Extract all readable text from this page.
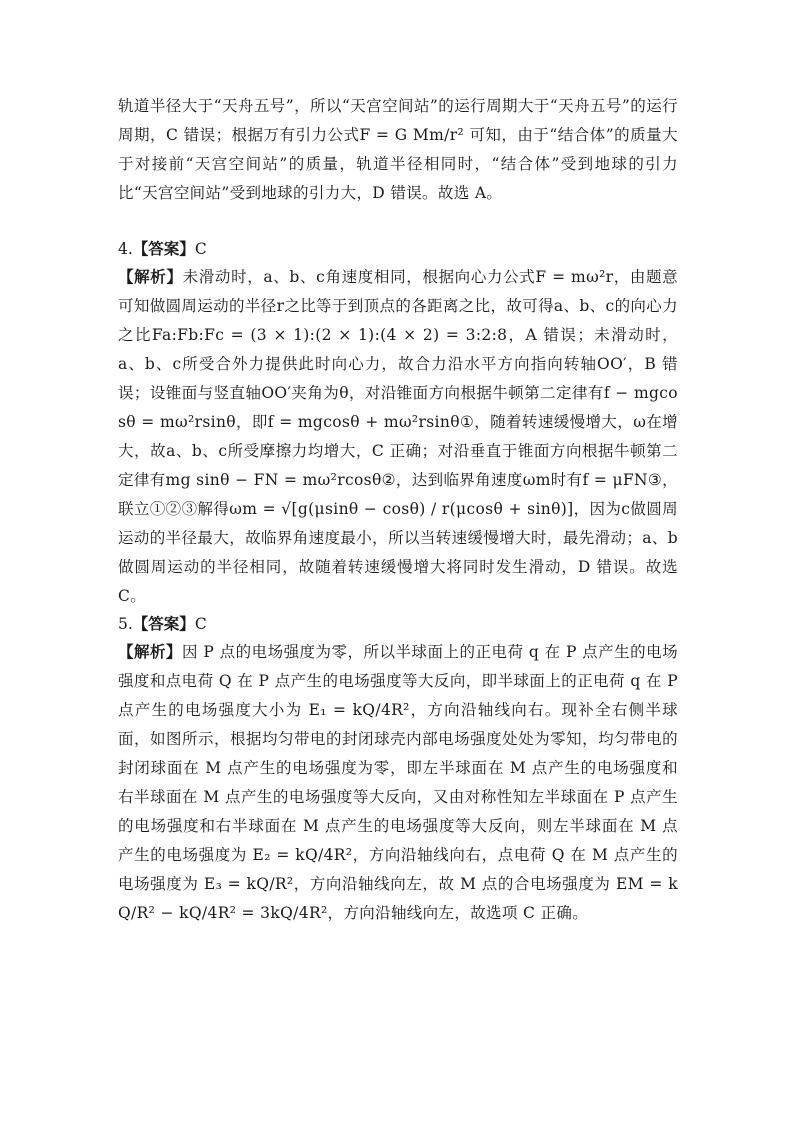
轨道半径大于“天舟五号”，所以“天宫空间站”的运行周期大于“天舟五号”的运行周期，C 错误；根据万有引力公式F = G Mm/r² 可知，由于“结合体”的质量大于对接前“天宫空间站”的质量，轨道半径相同时，“结合体”受到地球的引力比“天宫空间站”受到地球的引力大，D 错误。故选 A。

4.【答案】C

【解析】未滑动时，a、b、c角速度相同，根据向心力公式F = mω²r，由题意可知做圆周运动的半径r之比等于到顶点的各距离之比，故可得a、b、c的向心力之比Fa:Fb:Fc = (3 × 1):(2 × 1):(4 × 2) = 3:2:8，A 错误；未滑动时，a、b、c所受合外力提供此时向心力，故合力沿水平方向指向转轴OO′，B 错误；设锥面与竖直轴OO′夹角为θ，对沿锥面方向根据牛顿第二定律有f − mgcosθ = mω²rsinθ，即f = mgcosθ + mω²rsinθ①，随着转速缓慢增大，ω在增大，故a、b、c所受摩擦力均增大，C 正确；对沿垂直于锥面方向根据牛顿第二定律有mg sinθ − FN = mω²rcosθ②，达到临界角速度ωm时有f = μFN③，联立①②③解得ωm = √[g(μsinθ − cosθ) / r(μcosθ + sinθ)]，因为c做圆周运动的半径最大，故临界角速度最小，所以当转速缓慢增大时，最先滑动；a、b做圆周运动的半径相同，故随着转速缓慢增大将同时发生滑动，D 错误。故选 C。

5.【答案】C

【解析】因 P 点的电场强度为零，所以半球面上的正电荷 q 在 P 点产生的电场强度和点电荷 Q 在 P 点产生的电场强度等大反向，即半球面上的正电荷 q 在 P 点产生的电场强度大小为 E₁ = kQ/4R²，方向沿轴线向右。现补全右侧半球面，如图所示，根据均匀带电的封闭球壳内部电场强度处处为零知，均匀带电的封闭球面在 M 点产生的电场强度为零，即左半球面在 M 点产生的电场强度和右半球面在 M 点产生的电场强度等大反向，又由对称性知左半球面在 P 点产生的电场强度和右半球面在 M 点产生的电场强度等大反向，则左半球面在 M 点产生的电场强度为 E₂ = kQ/4R²，方向沿轴线向右，点电荷 Q 在 M 点产生的电场强度为 E₃ = kQ/R²，方向沿轴线向左，故 M 点的合电场强度为 EM = kQ/R² − kQ/4R² = 3kQ/4R²，方向沿轴线向左，故选项 C 正确。
